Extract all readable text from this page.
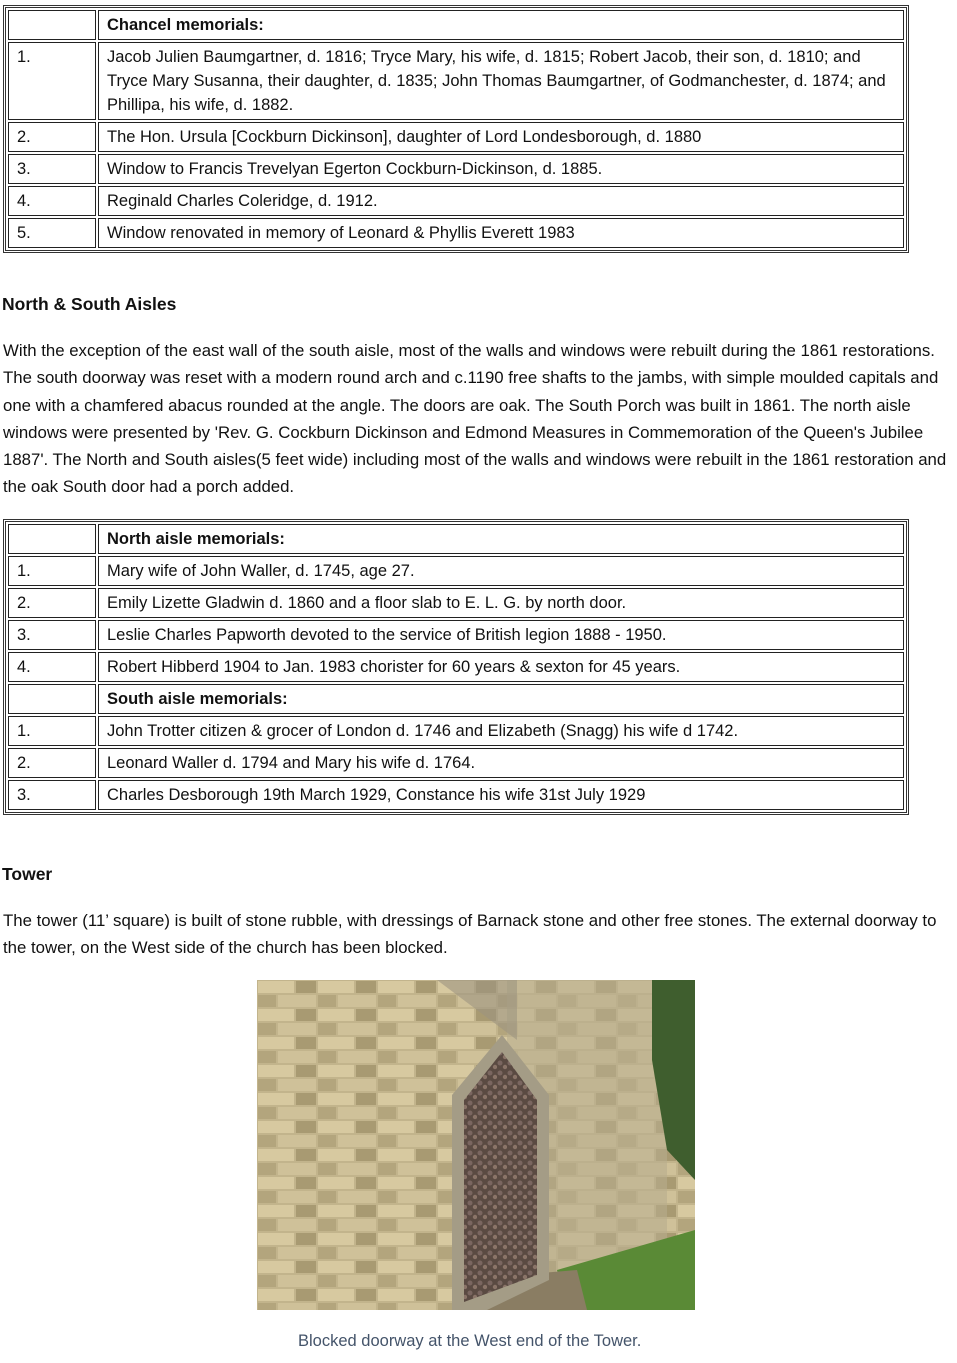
	Chancel memorials:
1.	Jacob Julien Baumgartner, d. 1816; Tryce Mary, his wife, d. 1815; Robert Jacob, their son, d. 1810; and Tryce Mary Susanna, their daughter, d. 1835; John Thomas Baumgartner, of Godmanchester, d. 1874; and Phillipa, his wife, d. 1882.
2.	The Hon. Ursula [Cockburn Dickinson], daughter of Lord Londesborough, d. 1880
3.	Window to Francis Trevelyan Egerton Cockburn-Dickinson, d. 1885.
4.	Reginald Charles Coleridge, d. 1912.
5.	Window renovated in memory of Leonard & Phyllis Everett 1983
North & South Aisles
With the exception of the east wall of the south aisle, most of the walls and windows were rebuilt during the 1861 restorations. The south doorway was reset with a modern round arch and c.1190 free shafts to the jambs, with simple moulded capitals and one with a chamfered abacus rounded at the angle. The doors are oak. The South Porch was built in 1861. The north aisle windows were presented by 'Rev. G. Cockburn Dickinson and Edmond Measures in Commemoration of the Queen's Jubilee 1887'. The North and South aisles(5 feet wide) including most of the walls and windows were rebuilt in the 1861 restoration and the oak South door had a porch added.
	North aisle memorials:
1.	Mary wife of John Waller, d. 1745, age 27.
2.	Emily Lizette Gladwin d. 1860 and a floor slab to E. L. G. by north door.
3.	Leslie Charles Papworth devoted to the service of British legion 1888 - 1950.
4.	Robert Hibberd 1904 to Jan. 1983 chorister for 60 years & sexton for 45 years.
	South aisle memorials:
1.	John Trotter citizen & grocer of London d. 1746 and Elizabeth (Snagg) his wife d 1742.
2.	Leonard Waller d. 1794 and Mary his wife d. 1764.
3.	Charles Desborough 19th March 1929, Constance his wife 31st July 1929
Tower
The tower (11’ square) is built of stone rubble, with dressings of Barnack stone and other free stones. The external doorway to the tower, on the West side of the church has been blocked.
Blocked doorway at the West end of the Tower.
